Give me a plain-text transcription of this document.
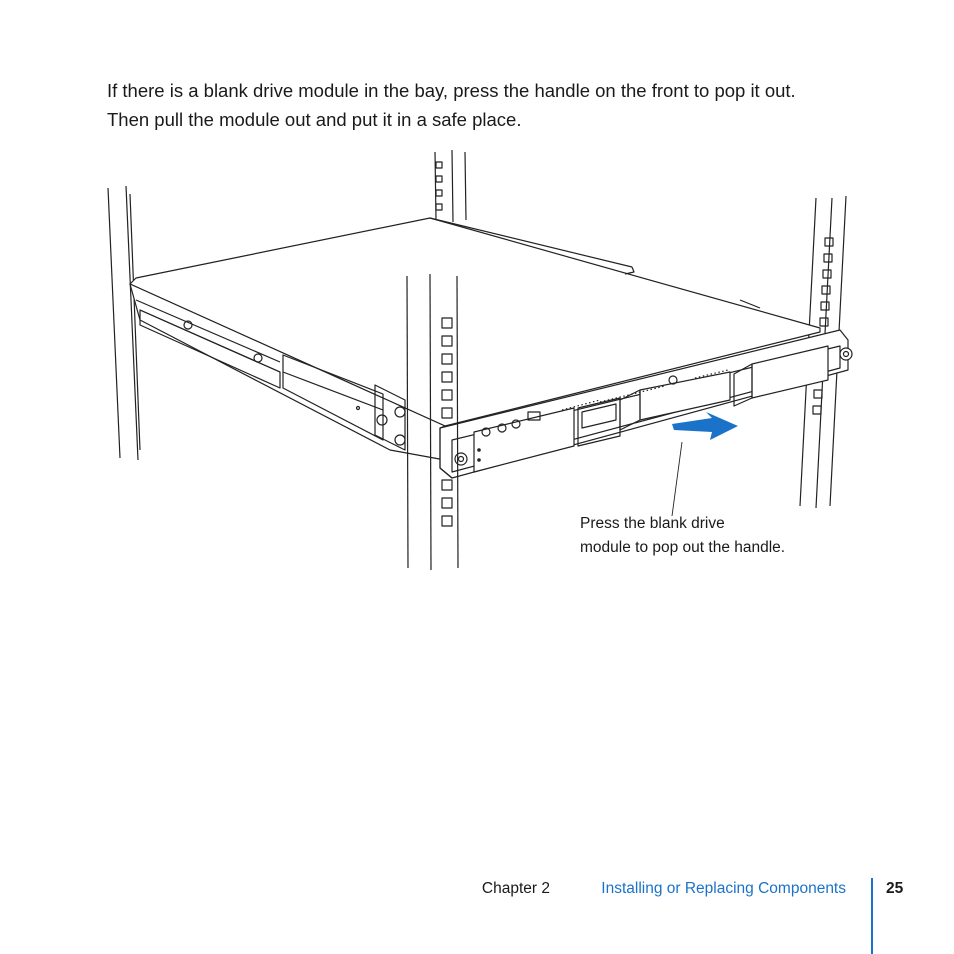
If there is a blank drive module in the bay, press the handle on the front to pop it out.

Then pull the module out and put it in a safe place.

Press the blank drive

module to pop out the handle.

Chapter 2	Installing or Replacing Components	25
